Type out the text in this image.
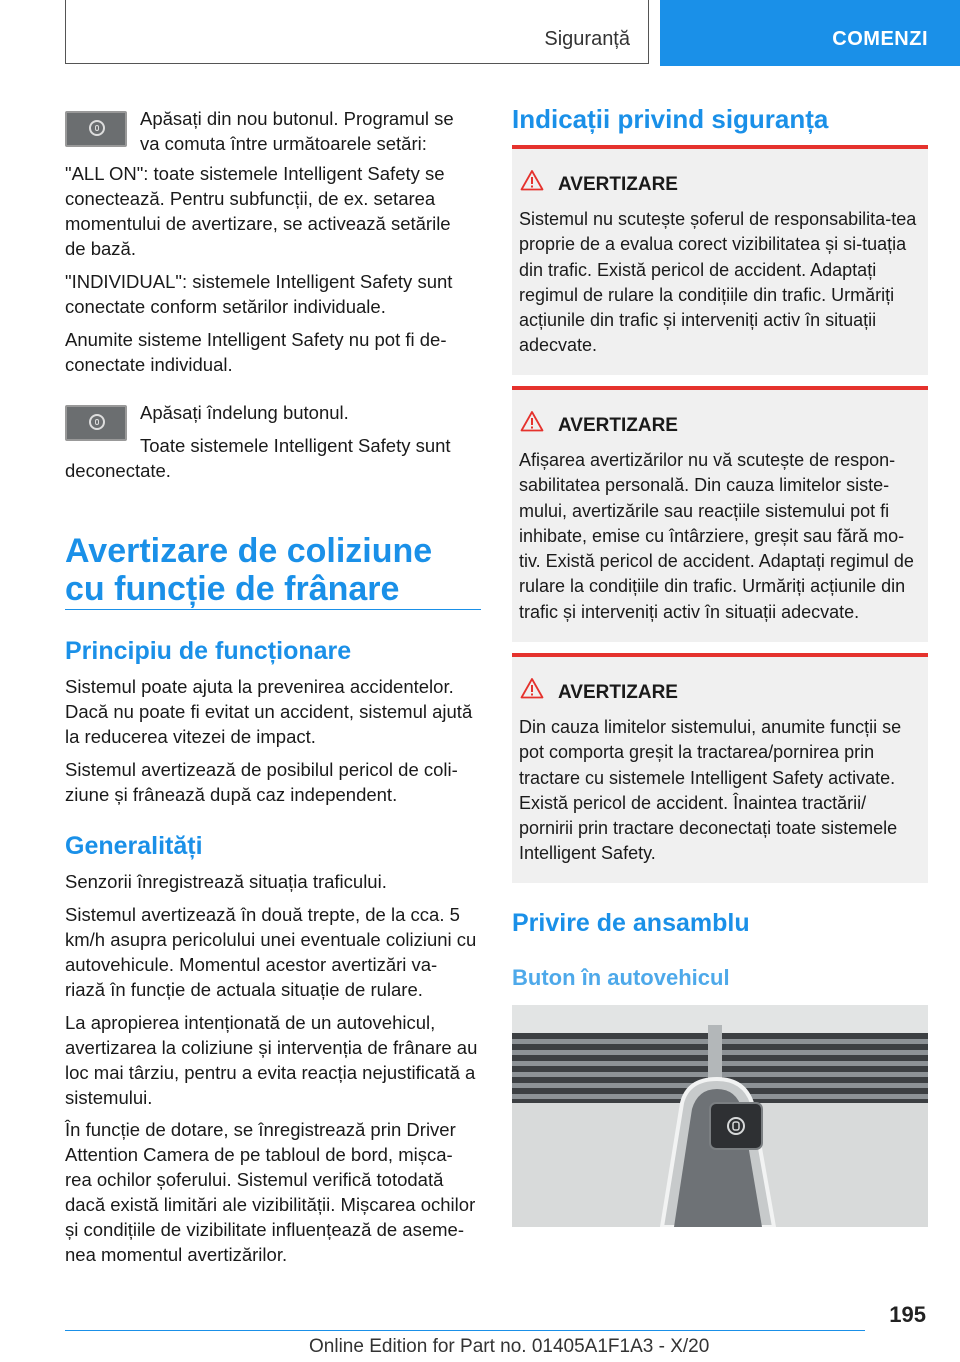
Siguranță	COMENZI

Apăsați din nou butonul. Programul se va comuta între următoarele setări:

"ALL ON": toate sistemele Intelligent Safety se conectează. Pentru subfuncții, de ex. setarea momentului de avertizare, se activează setările de bază.

"INDIVIDUAL": sistemele Intelligent Safety sunt conectate conform setărilor individuale.

Anumite sisteme Intelligent Safety nu pot fi de-conectate individual.

Apăsați îndelung butonul.

Toate sistemele Intelligent Safety sunt deconectate.

Avertizare de coliziune cu funcție de frânare
Principiu de funcționare

Sistemul poate ajuta la prevenirea accidentelor. Dacă nu poate fi evitat un accident, sistemul ajută la reducerea vitezei de impact.

Sistemul avertizează de posibilul pericol de coli-ziune și frânează după caz independent.

Generalități

Senzorii înregistrează situația traficului.

Sistemul avertizează în două trepte, de la cca. 5 km/h asupra pericolului unei eventuale coliziuni cu autovehicule. Momentul acestor avertizări va-riază în funcție de actuala situație de rulare.

La apropierea intenționată de un autovehicul, avertizarea la coliziune și intervenția de frânare au loc mai târziu, pentru a evita reacția nejustificată a sistemului.

În funcție de dotare, se înregistrează prin Driver Attention Camera de pe tabloul de bord, mișca-rea ochilor șoferului. Sistemul verifică totodată dacă există limitări ale vizibilității. Mișcarea ochilor și condițiile de vizibilitate influențează de aseme-nea momentul avertizărilor.

Indicații privind siguranța
AVERTIZARE
Sistemul nu scutește șoferul de responsabilita-tea proprie de a evalua corect vizibilitatea și si-tuația din trafic. Există pericol de accident. Adaptați regimul de rulare la condițiile din trafic. Urmăriți acțiunile din trafic și interveniți activ în situații adecvate.
AVERTIZARE
Afișarea avertizărilor nu vă scutește de respon-sabilitatea personală. Din cauza limitelor siste-mului, avertizările sau reacțiile sistemului pot fi inhibate, emise cu întârziere, greșit sau fără mo-tiv. Există pericol de accident. Adaptați regimul de rulare la condițiile din trafic. Urmăriți acțiunile din trafic și interveniți activ în situații adecvate.
AVERTIZARE
Din cauza limitelor sistemului, anumite funcții se pot comporta greșit la tractarea/pornirea prin tractare cu sistemele Intelligent Safety activate. Există pericol de accident. Înaintea tractării/ pornirii prin tractare deconectați toate sistemele Intelligent Safety.
Privire de ansamblu
Buton în autovehicul
195
Online Edition for Part no. 01405A1F1A3 - X/20
